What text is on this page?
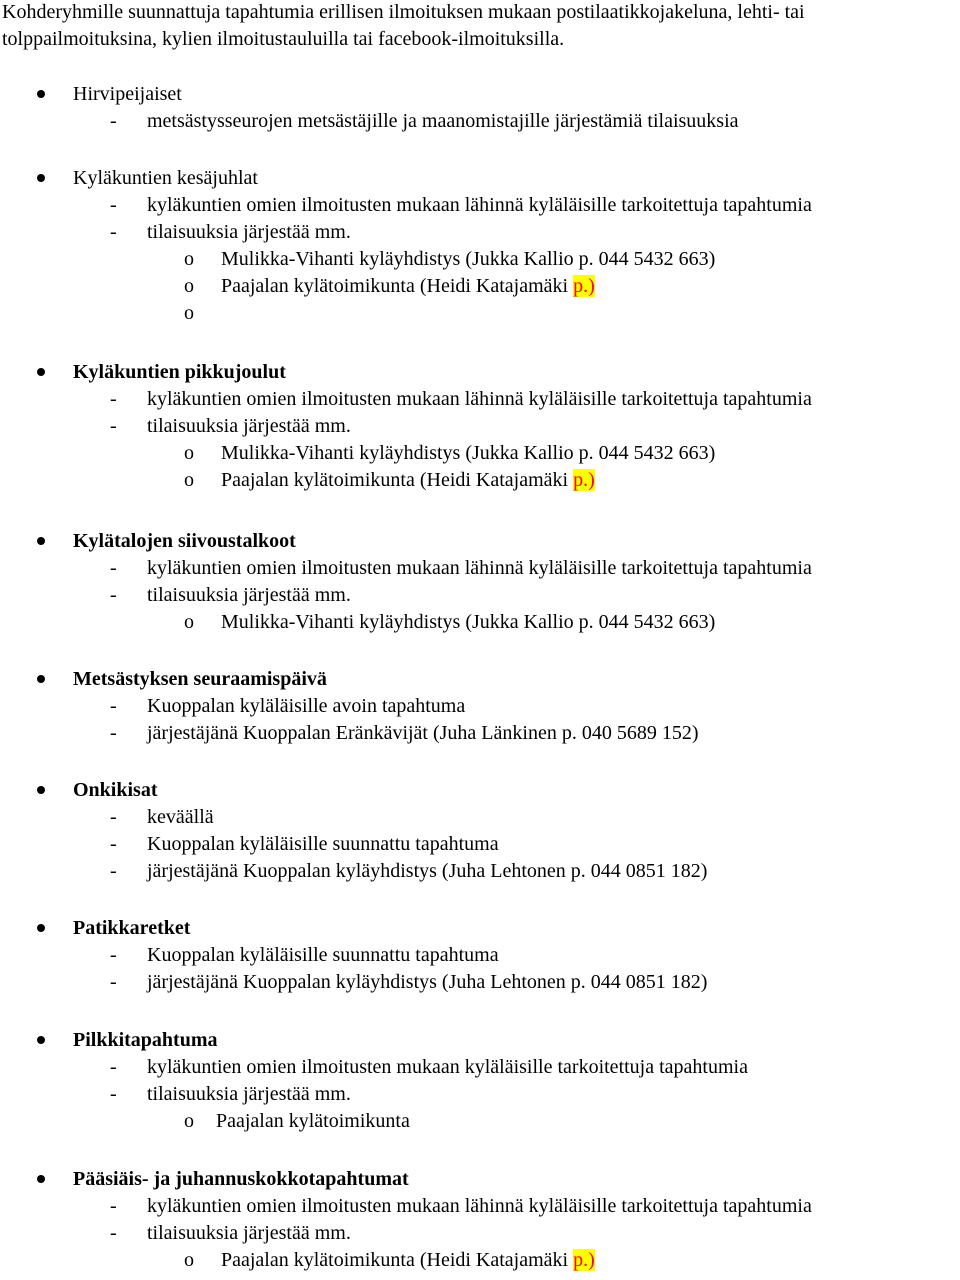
Kohderyhmille suunnattuja tapahtumia erillisen ilmoituksen mukaan postilaatikkojakeluna, lehti- tai
tolppailmoituksina, kylien ilmoitustauluilla tai facebook-ilmoituksilla.
Hirvipeijaiset
- metsästysseurojen metsästäjille ja maanomistajille järjestämiä tilaisuuksia
Kyläkuntien kesäjuhlat
- kyläkuntien omien ilmoitusten mukaan lähinnä kyläläisille tarkoitettuja tapahtumia
- tilaisuuksia järjestää mm.
o Mulikka-Vihanti kyläyhdistys (Jukka Kallio p. 044 5432 663)
o Paajalan kylätoimikunta (Heidi Katajamäki p.)
o
Kyläkuntien pikkujoulut
- kyläkuntien omien ilmoitusten mukaan lähinnä kyläläisille tarkoitettuja tapahtumia
- tilaisuuksia järjestää mm.
o Mulikka-Vihanti kyläyhdistys (Jukka Kallio p. 044 5432 663)
o Paajalan kylätoimikunta (Heidi Katajamäki p.)
Kylätalojen siivoustalkoot
- kyläkuntien omien ilmoitusten mukaan lähinnä kyläläisille tarkoitettuja tapahtumia
- tilaisuuksia järjestää mm.
o Mulikka-Vihanti kyläyhdistys (Jukka Kallio p. 044 5432 663)
Metsästyksen seuraamispäivä
- Kuoppalan kyläläisille avoin tapahtuma
- järjestäjänä Kuoppalan Eränkävijät (Juha Länkinen p. 040 5689 152)
Onkikisat
- keväällä
- Kuoppalan kyläläisille suunnattu tapahtuma
- järjestäjänä Kuoppalan kyläyhdistys (Juha Lehtonen p. 044 0851 182)
Patikkaretket
- Kuoppalan kyläläisille suunnattu tapahtuma
- järjestäjänä Kuoppalan kyläyhdistys (Juha Lehtonen p. 044 0851 182)
Pilkkitapahtuma
- kyläkuntien omien ilmoitusten mukaan kyläläisille tarkoitettuja tapahtumia
- tilaisuuksia järjestää mm.
o Paajalan kylätoimikunta
Pääsiäis- ja juhannuskokkotapahtumat
- kyläkuntien omien ilmoitusten mukaan lähinnä kyläläisille tarkoitettuja tapahtumia
- tilaisuuksia järjestää mm.
o Paajalan kylätoimikunta (Heidi Katajamäki p.)
